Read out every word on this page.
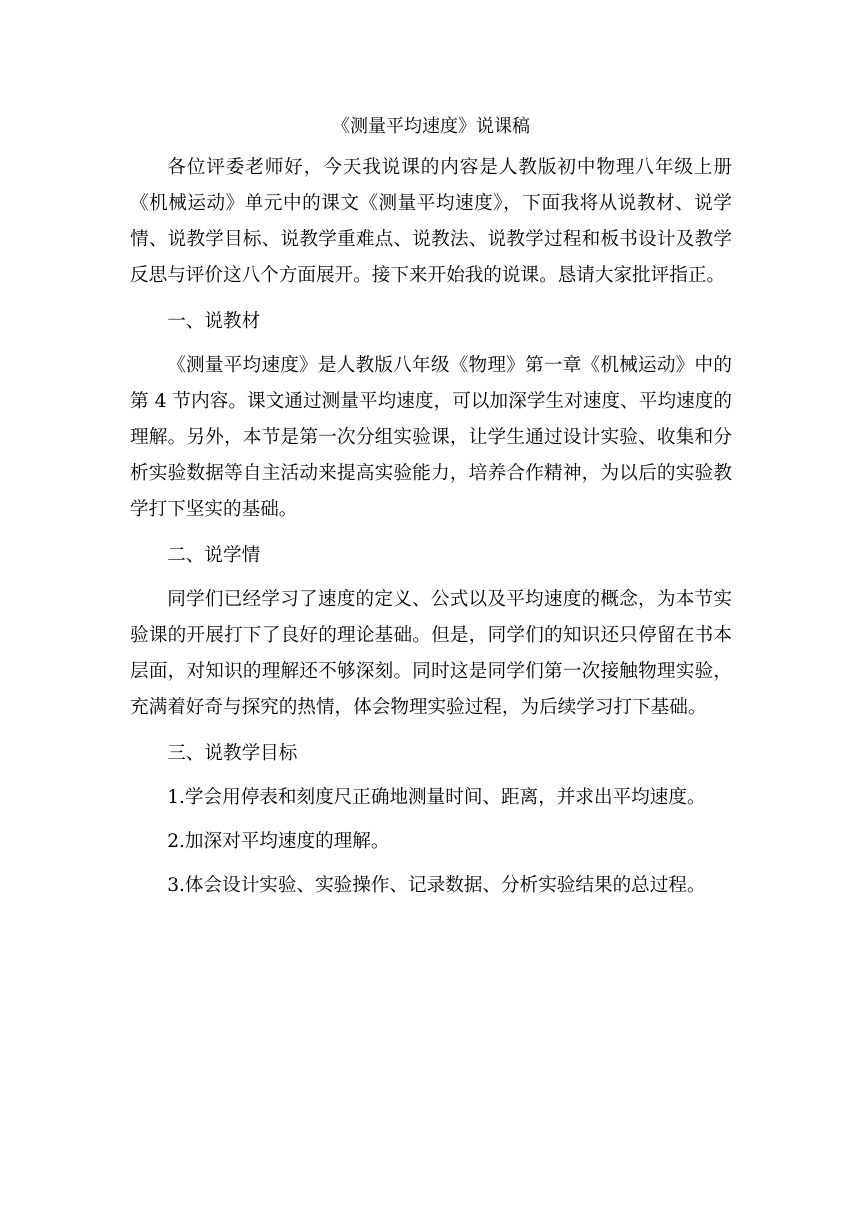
《测量平均速度》说课稿

各位评委老师好，今天我说课的内容是人教版初中物理八年级上册《机械运动》单元中的课文《测量平均速度》，下面我将从说教材、说学情、说教学目标、说教学重难点、说教法、说教学过程和板书设计及教学反思与评价这八个方面展开。接下来开始我的说课。恳请大家批评指正。

一、说教材

《测量平均速度》是人教版八年级《物理》第一章《机械运动》中的第 4 节内容。课文通过测量平均速度，可以加深学生对速度、平均速度的理解。另外，本节是第一次分组实验课，让学生通过设计实验、收集和分析实验数据等自主活动来提高实验能力，培养合作精神，为以后的实验教学打下坚实的基础。

二、说学情

同学们已经学习了速度的定义、公式以及平均速度的概念，为本节实验课的开展打下了良好的理论基础。但是，同学们的知识还只停留在书本层面，对知识的理解还不够深刻。同时这是同学们第一次接触物理实验，充满着好奇与探究的热情，体会物理实验过程，为后续学习打下基础。

三、说教学目标
1.学会用停表和刻度尺正确地测量时间、距离，并求出平均速度。
2.加深对平均速度的理解。
3.体会设计实验、实验操作、记录数据、分析实验结果的总过程。
